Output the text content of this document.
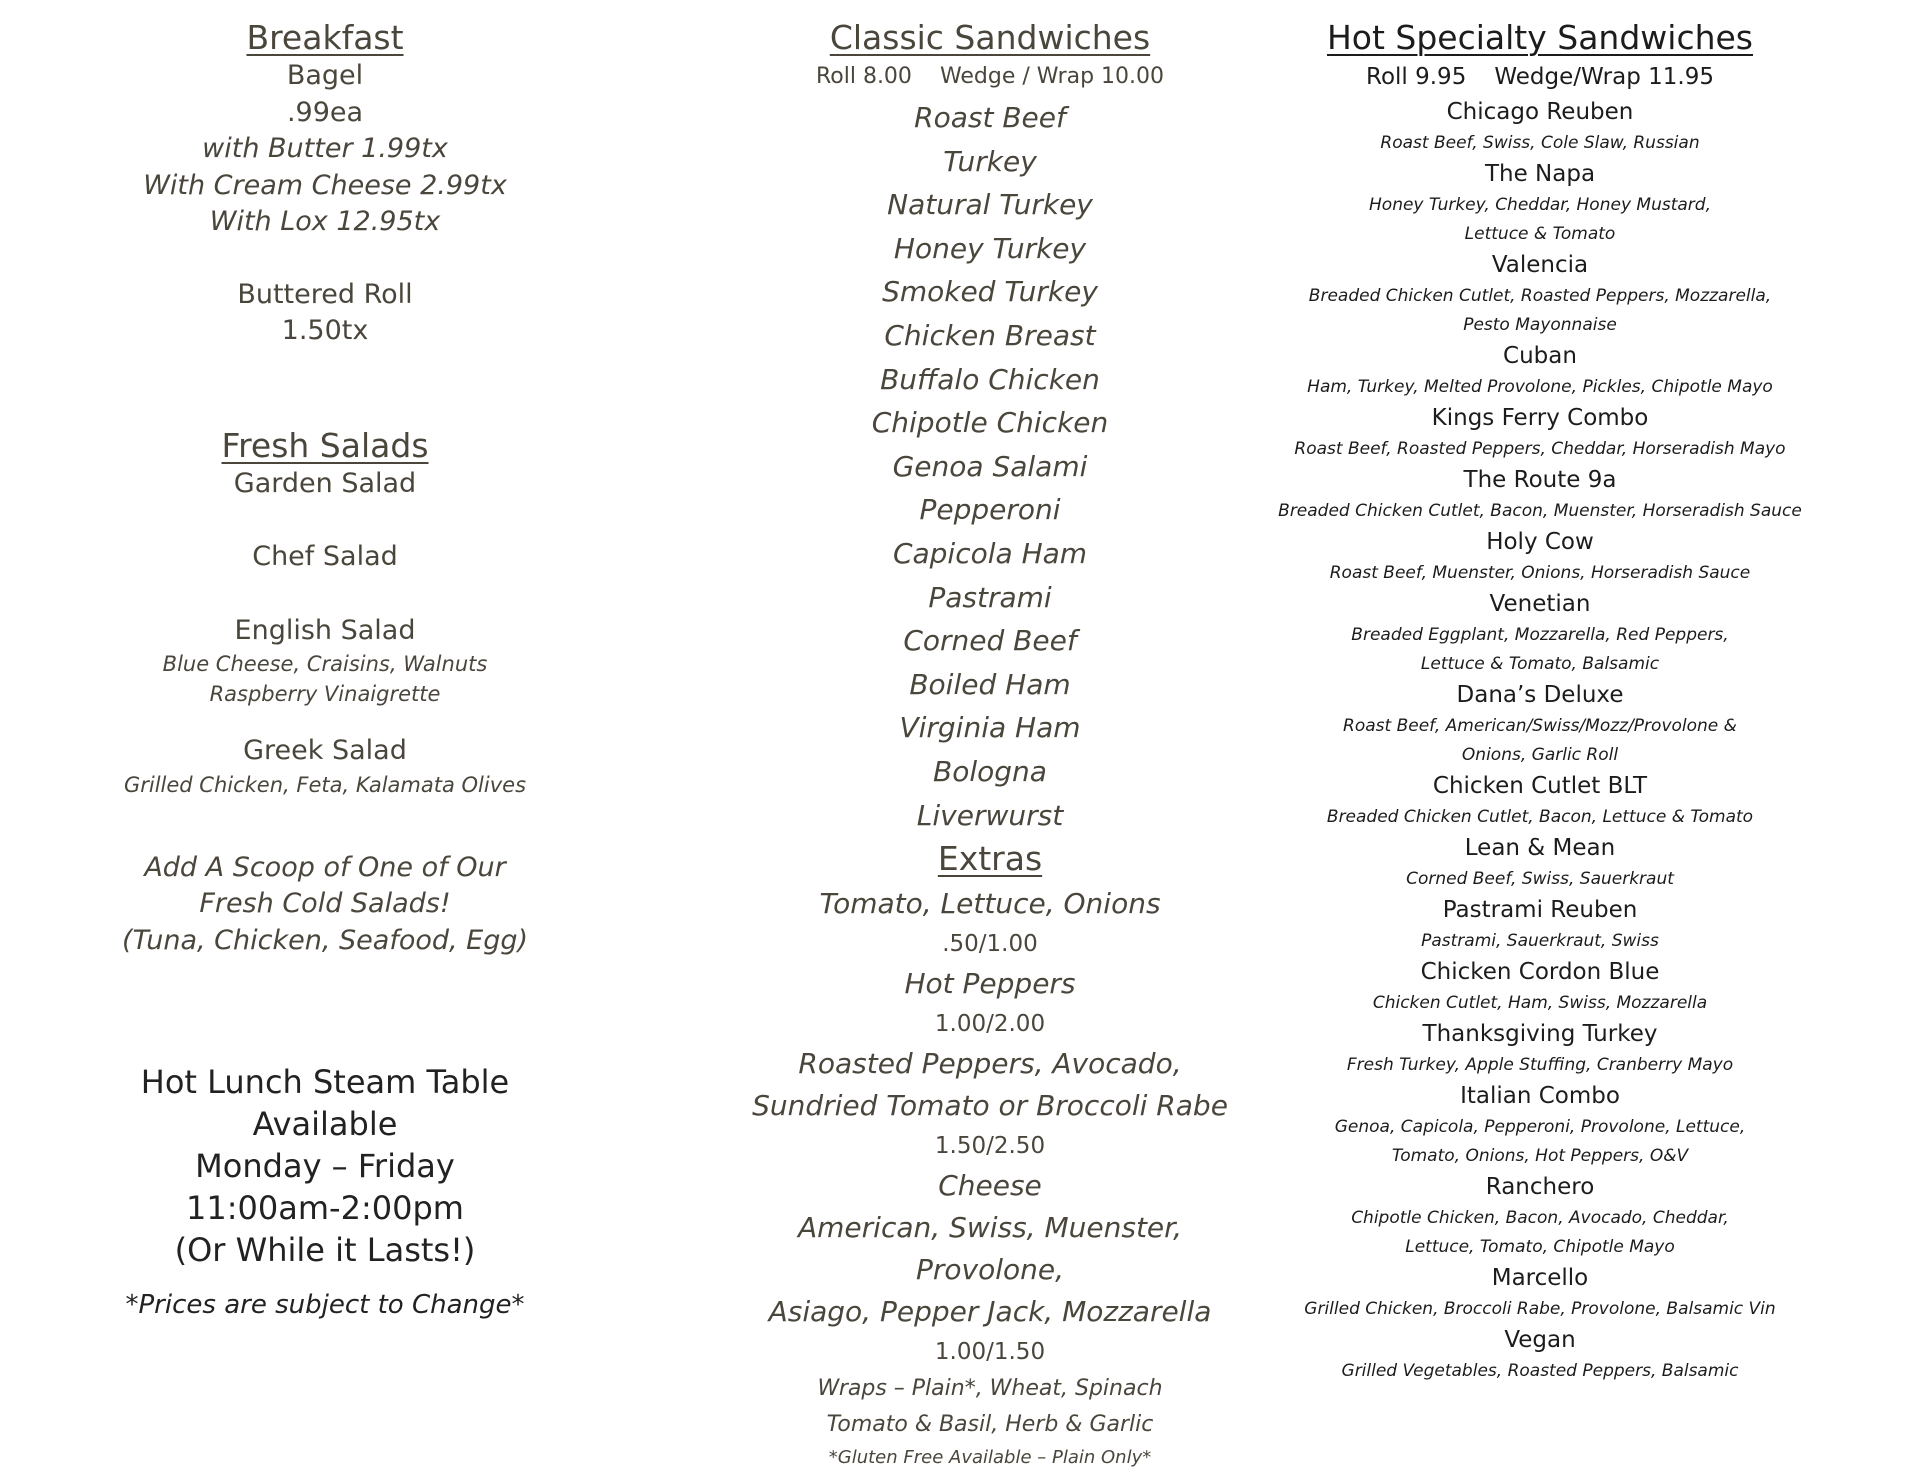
Breakfast
Bagel
.99ea
with Butter 1.99tx
With Cream Cheese 2.99tx
With Lox 12.95tx
Buttered Roll
1.50tx
Fresh Salads
Garden Salad
Chef Salad
English Salad
Blue Cheese, Craisins, Walnuts
Raspberry Vinaigrette
Greek Salad
Grilled Chicken, Feta, Kalamata Olives
Add A Scoop of One of Our
Fresh Cold Salads!
(Tuna, Chicken, Seafood, Egg)
Hot Lunch Steam Table
Available
Monday – Friday
11:00am-2:00pm
(Or While it Lasts!)
*Prices are subject to Change*
Classic Sandwiches
Roll 8.00 Wedge / Wrap 10.00
Roast Beef
Turkey
Natural Turkey
Honey Turkey
Smoked Turkey
Chicken Breast
Buffalo Chicken
Chipotle Chicken
Genoa Salami
Pepperoni
Capicola Ham
Pastrami
Corned Beef
Boiled Ham
Virginia Ham
Bologna
Liverwurst
Extras
Tomato, Lettuce, Onions
.50/1.00
Hot Peppers
1.00/2.00
Roasted Peppers, Avocado,
Sundried Tomato or Broccoli Rabe
1.50/2.50
Cheese
American, Swiss, Muenster, Provolone,
Asiago, Pepper Jack, Mozzarella
1.00/1.50
Wraps – Plain*, Wheat, Spinach
Tomato & Basil, Herb & Garlic
*Gluten Free Available – Plain Only*
Hot Specialty Sandwiches
Roll 9.95 Wedge/Wrap 11.95
Chicago Reuben
Roast Beef, Swiss, Cole Slaw, Russian
The Napa
Honey Turkey, Cheddar, Honey Mustard,
Lettuce & Tomato
Valencia
Breaded Chicken Cutlet, Roasted Peppers, Mozzarella,
Pesto Mayonnaise
Cuban
Ham, Turkey, Melted Provolone, Pickles, Chipotle Mayo
Kings Ferry Combo
Roast Beef, Roasted Peppers, Cheddar, Horseradish Mayo
The Route 9a
Breaded Chicken Cutlet, Bacon, Muenster, Horseradish Sauce
Holy Cow
Roast Beef, Muenster, Onions, Horseradish Sauce
Venetian
Breaded Eggplant, Mozzarella, Red Peppers,
Lettuce & Tomato, Balsamic
Dana’s Deluxe
Roast Beef, American/Swiss/Mozz/Provolone &
Onions, Garlic Roll
Chicken Cutlet BLT
Breaded Chicken Cutlet, Bacon, Lettuce & Tomato
Lean & Mean
Corned Beef, Swiss, Sauerkraut
Pastrami Reuben
Pastrami, Sauerkraut, Swiss
Chicken Cordon Blue
Chicken Cutlet, Ham, Swiss, Mozzarella
Thanksgiving Turkey
Fresh Turkey, Apple Stuffing, Cranberry Mayo
Italian Combo
Genoa, Capicola, Pepperoni, Provolone, Lettuce,
Tomato, Onions, Hot Peppers, O&V
Ranchero
Chipotle Chicken, Bacon, Avocado, Cheddar,
Lettuce, Tomato, Chipotle Mayo
Marcello
Grilled Chicken, Broccoli Rabe, Provolone, Balsamic Vin
Vegan
Grilled Vegetables, Roasted Peppers, Balsamic
